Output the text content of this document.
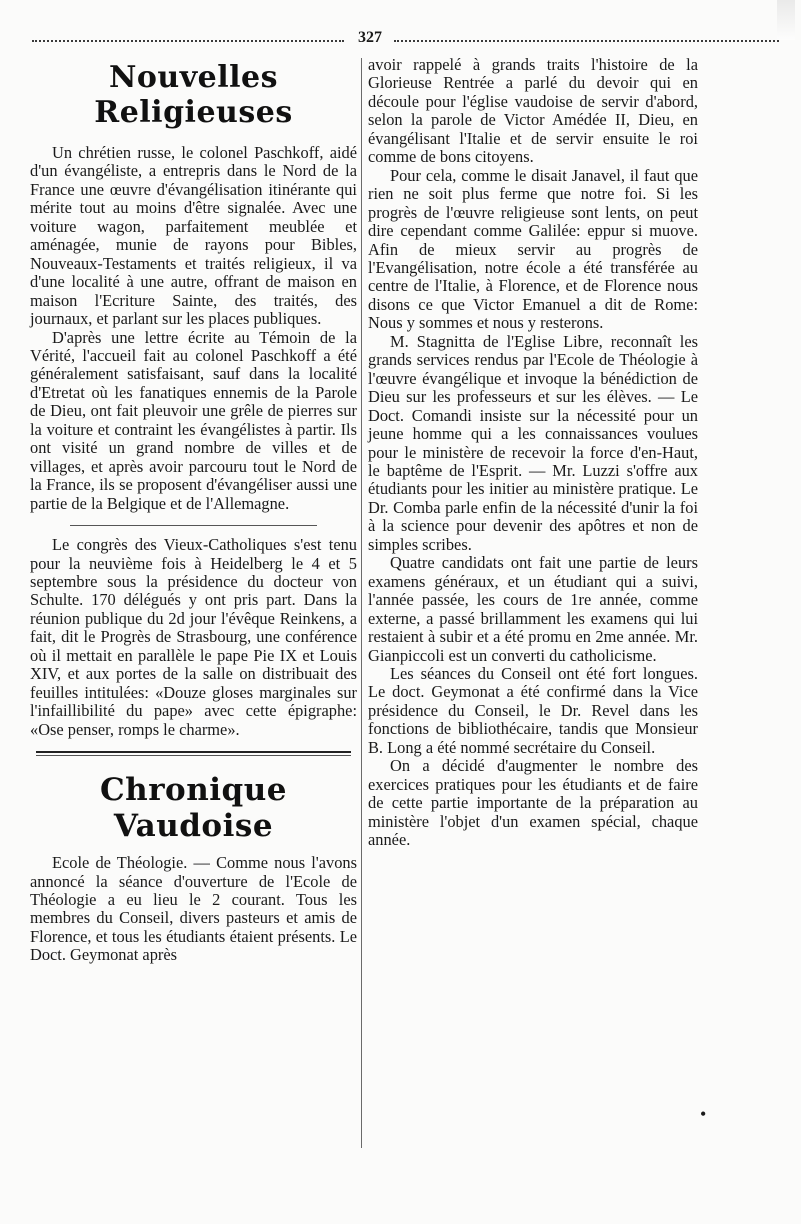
327
Nouvelles Religieuses

Un chrétien russe, le colonel Paschkoff, aidé d'un évangéliste, a entrepris dans le Nord de la France une œuvre d'évangélisation itinérante qui mérite tout au moins d'être signalée. Avec une voiture wagon, parfaitement meublée et aménagée, munie de rayons pour Bibles, Nouveaux-Testaments et traités religieux, il va d'une localité à une autre, offrant de maison en maison l'Ecriture Sainte, des traités, des journaux, et parlant sur les places publiques.

D'après une lettre écrite au Témoin de la Vérité, l'accueil fait au colonel Paschkoff a été généralement satisfaisant, sauf dans la localité d'Etretat où les fanatiques ennemis de la Parole de Dieu, ont fait pleuvoir une grêle de pierres sur la voiture et contraint les évangélistes à partir. Ils ont visité un grand nombre de villes et de villages, et après avoir parcouru tout le Nord de la France, ils se proposent d'évangéliser aussi une partie de la Belgique et de l'Allemagne.

Le congrès des Vieux-Catholiques s'est tenu pour la neuvième fois à Heidelberg le 4 et 5 septembre sous la présidence du docteur von Schulte. 170 délégués y ont pris part. Dans la réunion publique du 2d jour l'évêque Reinkens, a fait, dit le Progrès de Strasbourg, une conférence où il mettait en parallèle le pape Pie IX et Louis XIV, et aux portes de la salle on distribuait des feuilles intitulées: «Douze gloses marginales sur l'infaillibilité du pape» avec cette épigraphe: «Ose penser, romps le charme».

Chronique Vaudoise

Ecole de Théologie. — Comme nous l'avons annoncé la séance d'ouverture de l'Ecole de Théologie a eu lieu le 2 courant. Tous les membres du Conseil, divers pasteurs et amis de Florence, et tous les étudiants étaient présents. Le Doct. Geymonat après

avoir rappelé à grands traits l'histoire de la Glorieuse Rentrée a parlé du devoir qui en découle pour l'église vaudoise de servir d'abord, selon la parole de Victor Amédée II, Dieu, en évangélisant l'Italie et de servir ensuite le roi comme de bons citoyens.

Pour cela, comme le disait Janavel, il faut que rien ne soit plus ferme que notre foi. Si les progrès de l'œuvre religieuse sont lents, on peut dire cependant comme Galilée: eppur si muove. Afin de mieux servir au progrès de l'Evangélisation, notre école a été transférée au centre de l'Italie, à Florence, et de Florence nous disons ce que Victor Emanuel a dit de Rome: Nous y sommes et nous y resterons.

M. Stagnitta de l'Eglise Libre, reconnaît les grands services rendus par l'Ecole de Théologie à l'œuvre évangélique et invoque la bénédiction de Dieu sur les professeurs et sur les élèves. — Le Doct. Comandi insiste sur la nécessité pour un jeune homme qui a les connaissances voulues pour le ministère de recevoir la force d'en-Haut, le baptême de l'Esprit. — Mr. Luzzi s'offre aux étudiants pour les initier au ministère pratique. Le Dr. Comba parle enfin de la nécessité d'unir la foi à la science pour devenir des apôtres et non de simples scribes.

Quatre candidats ont fait une partie de leurs examens généraux, et un étudiant qui a suivi, l'année passée, les cours de 1re année, comme externe, a passé brillamment les examens qui lui restaient à subir et a été promu en 2me année. Mr. Gianpiccoli est un converti du catholicisme.

Les séances du Conseil ont été fort longues. Le doct. Geymonat a été confirmé dans la Vice présidence du Conseil, le Dr. Revel dans les fonctions de bibliothécaire, tandis que Monsieur B. Long a été nommé secrétaire du Conseil.

On a décidé d'augmenter le nombre des exercices pratiques pour les étudiants et de faire de cette partie importante de la préparation au ministère l'objet d'un examen spécial, chaque année.

•
